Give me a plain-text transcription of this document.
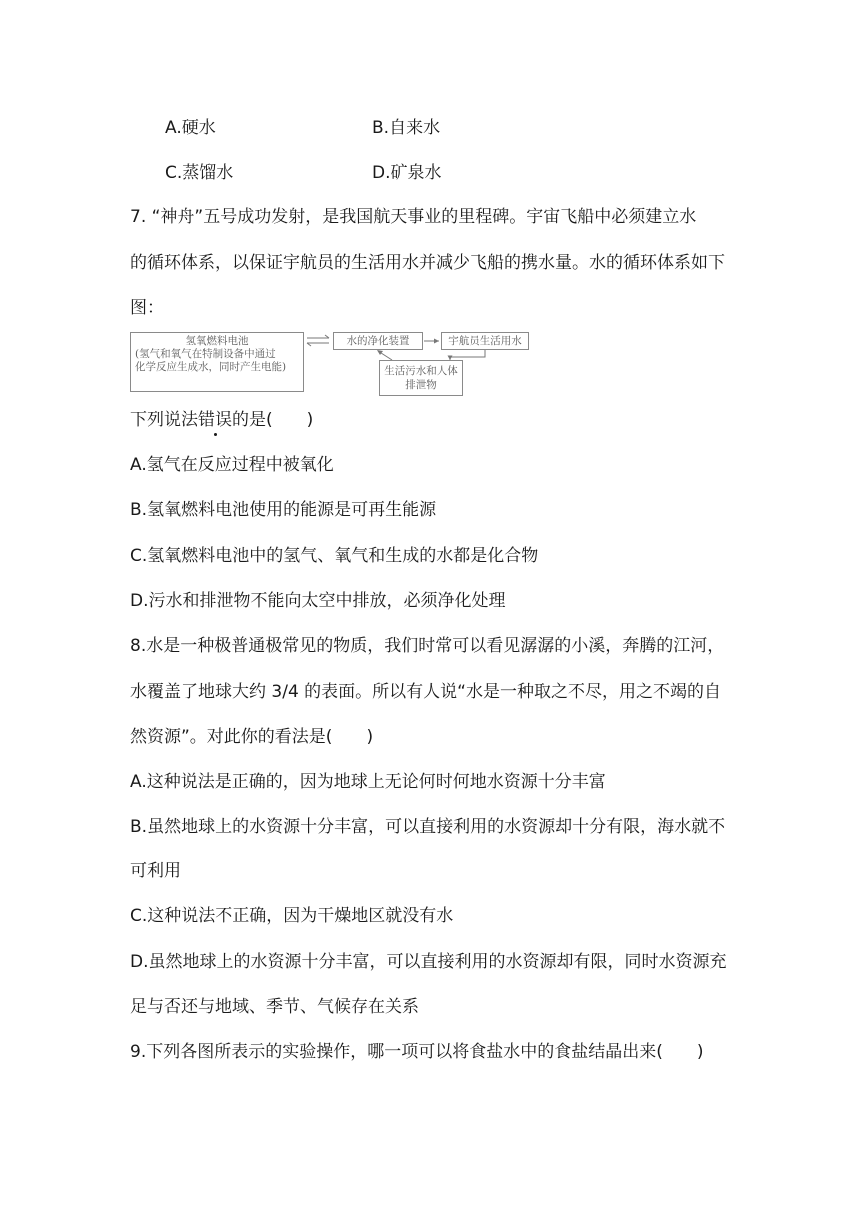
A.硬水	B.自来水
C.蒸馏水	D.矿泉水
7. “神舟”五号成功发射，是我国航天事业的里程碑。宇宙飞船中必须建立水
的循环体系，以保证宇航员的生活用水并减少飞船的携水量。水的循环体系如下
图：
氢氧燃料电池
(氢气和氧气在特制设备中通过
化学反应生成水，同时产生电能)
水的净化装置	宇航员生活用水
生活污水和人体
排泄物
下列说法错误的是(　　)
A.氢气在反应过程中被氧化
B.氢氧燃料电池使用的能源是可再生能源
C.氢氧燃料电池中的氢气、氧气和生成的水都是化合物
D.污水和排泄物不能向太空中排放，必须净化处理
8.水是一种极普通极常见的物质，我们时常可以看见潺潺的小溪，奔腾的江河，
水覆盖了地球大约 3/4 的表面。所以有人说“水是一种取之不尽，用之不竭的自
然资源”。对此你的看法是(　　)
A.这种说法是正确的，因为地球上无论何时何地水资源十分丰富
B.虽然地球上的水资源十分丰富，可以直接利用的水资源却十分有限，海水就不
可利用
C.这种说法不正确，因为干燥地区就没有水
D.虽然地球上的水资源十分丰富，可以直接利用的水资源却有限，同时水资源充
足与否还与地域、季节、气候存在关系
9.下列各图所表示的实验操作，哪一项可以将食盐水中的食盐结晶出来(　　)
